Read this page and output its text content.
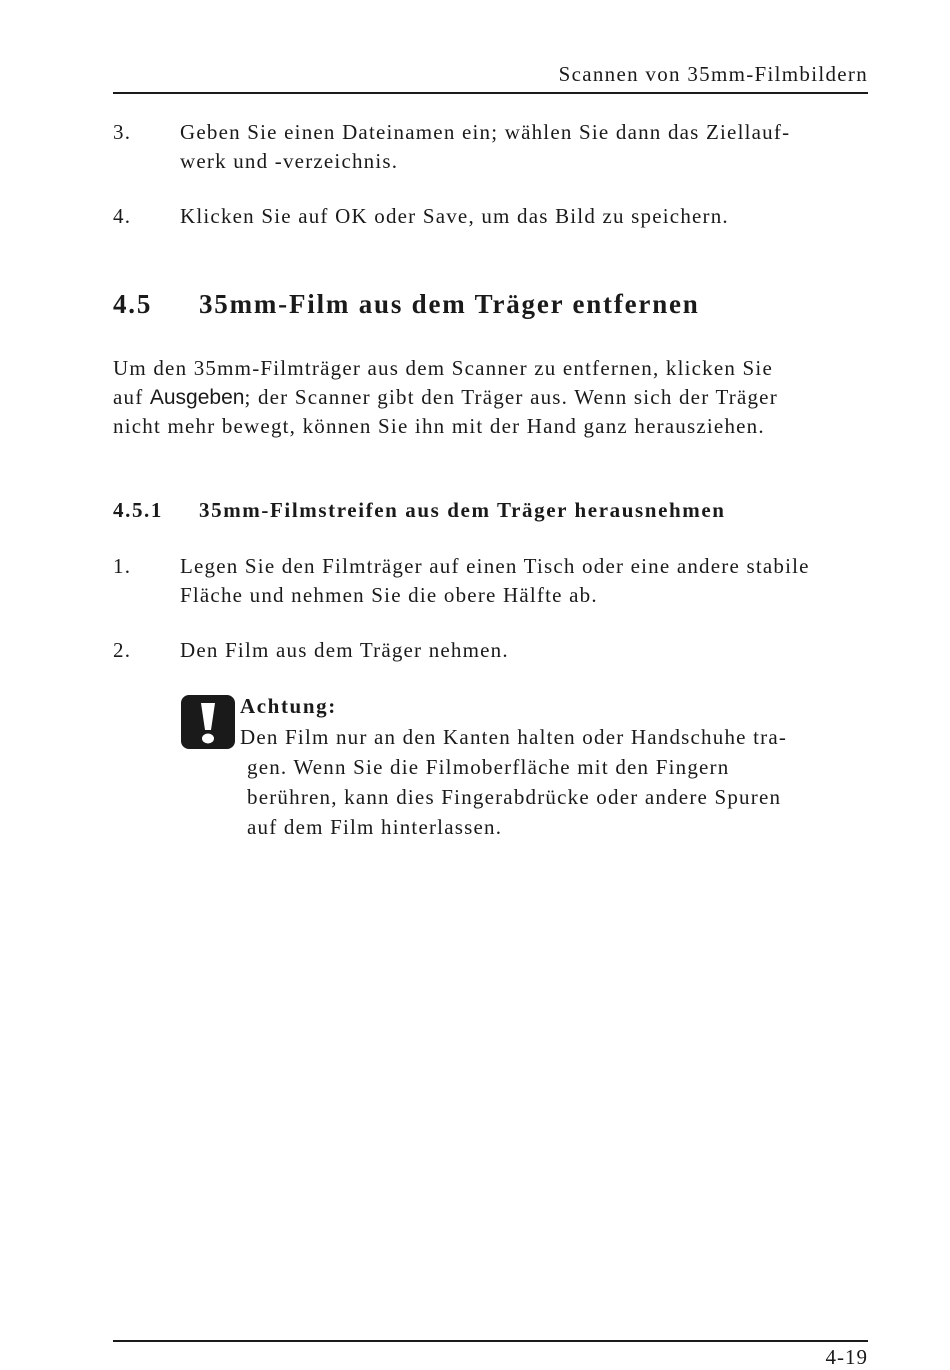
Scannen von 35mm-Filmbildern
3. Geben Sie einen Dateinamen ein; wählen Sie dann das Ziellauf-
werk und -verzeichnis.
4. Klicken Sie auf OK oder Save, um das Bild zu speichern.
4.5 35mm-Film aus dem Träger entfernen
Um den 35mm-Filmträger aus dem Scanner zu entfernen, klicken Sie
auf Ausgeben; der Scanner gibt den Träger aus. Wenn sich der Träger
nicht mehr bewegt, können Sie ihn mit der Hand ganz herausziehen.
4.5.1 35mm-Filmstreifen aus dem Träger herausnehmen
1. Legen Sie den Filmträger auf einen Tisch oder eine andere stabile
Fläche und nehmen Sie die obere Hälfte ab.
2. Den Film aus dem Träger nehmen.
Achtung:
Den Film nur an den Kanten halten oder Handschuhe tra-
gen. Wenn Sie die Filmoberfläche mit den Fingern
berühren, kann dies Fingerabdrücke oder andere Spuren
auf dem Film hinterlassen.
4-19
